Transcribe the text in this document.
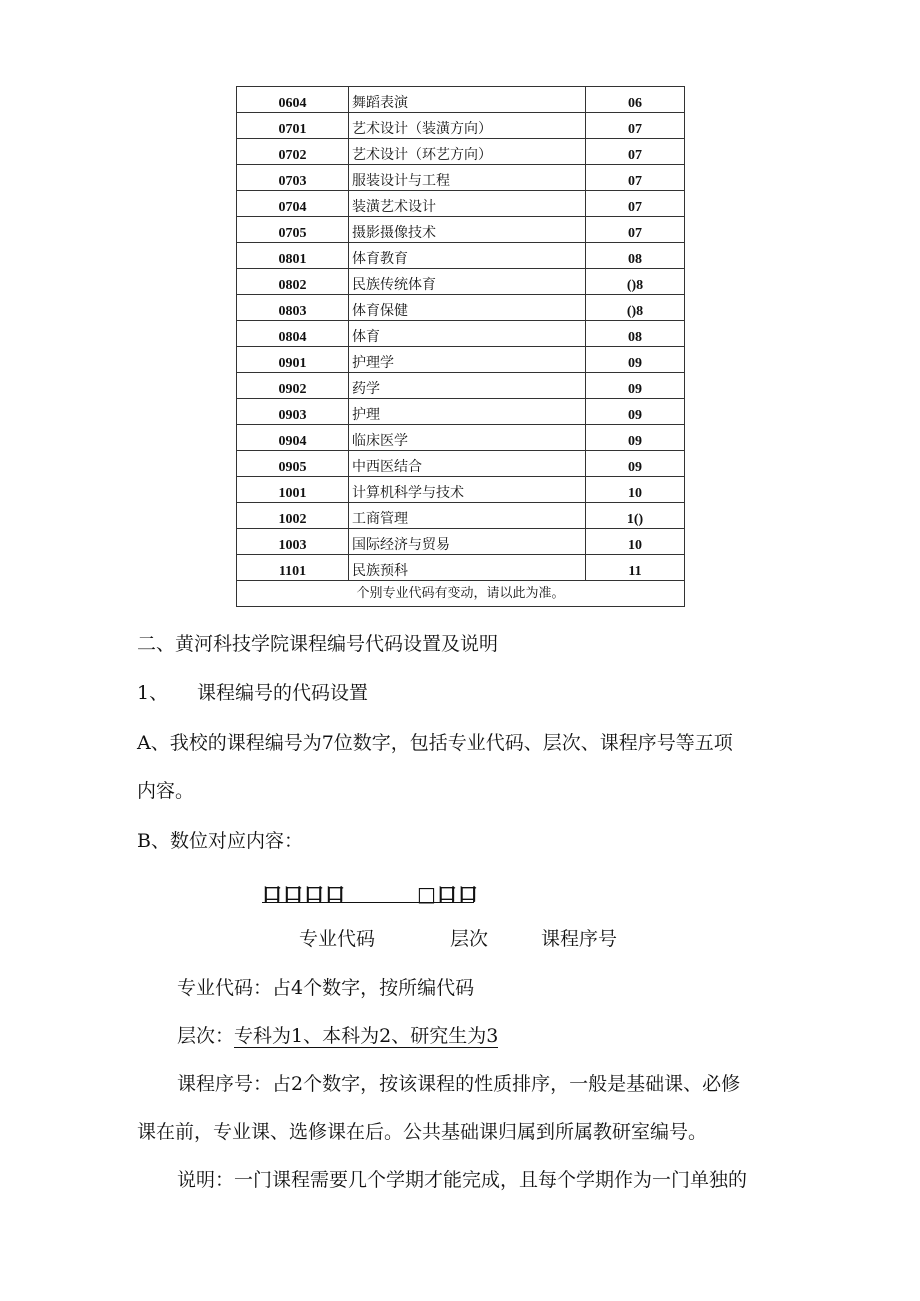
0604	舞蹈表演	06
0701	艺术设计（装潢方向）	07
0702	艺术设计（环艺方向）	07
0703	服装设计与工程	07
0704	装潢艺术设计	07
0705	摄影摄像技术	07
0801	体育教育	08
0802	民族传统体育	()8
0803	体育保健	()8
0804	体育	08
0901	护理学	09
0902	药学	09
0903	护理	09
0904	临床医学	09
0905	中西医结合	09
1001	计算机科学与技术	10
1002	工商管理	1()
1003	国际经济与贸易	10
1101	民族预科	11
个别专业代码有变动，请以此为准。		
二、黄河科技学院课程编号代码设置及说明
1、 课程编号的代码设置
A、我校的课程编号为7位数字，包括专业代码、层次、课程序号等五项
内容。
B、数位对应内容：
口口口口	□口口
专业代码	层次	课程序号
专业代码：占4个数字，按所编代码
层次：专科为1、本科为2、研究生为3
课程序号：占2个数字，按该课程的性质排序，一般是基础课、必修
课在前，专业课、选修课在后。公共基础课归属到所属教研室编号。
说明：一门课程需要几个学期才能完成，且每个学期作为一门单独的
